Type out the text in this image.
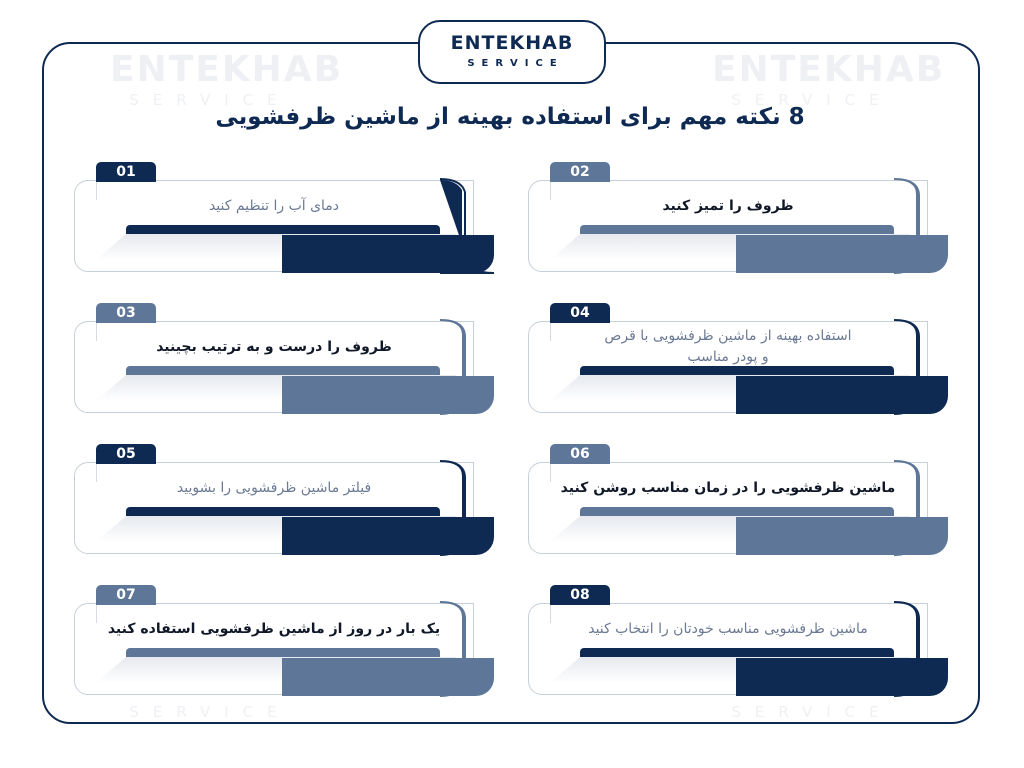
ENTEKHAB
SERVICE
ENTEKHAB
SERVICE
SERVICE	SERVICE
ENTEKHAB
SERVICE
8 نکته مهم برای استفاده بهینه از ماشین ظرفشویی
01
دمای آب را تنظیم کنید
02
ظروف را تمیز کنید
03
ظروف را درست و به ترتیب بچینید
04
استفاده بهینه از ماشین ظرفشویی با قرص و پودر مناسب
05
فیلتر ماشین ظرفشویی را بشویید
06
ماشین ظرفشویی را در زمان مناسب روشن کنید
07
یک بار در روز از ماشین ظرفشویی استفاده کنید
08
ماشین ظرفشویی مناسب خودتان را انتخاب کنید
